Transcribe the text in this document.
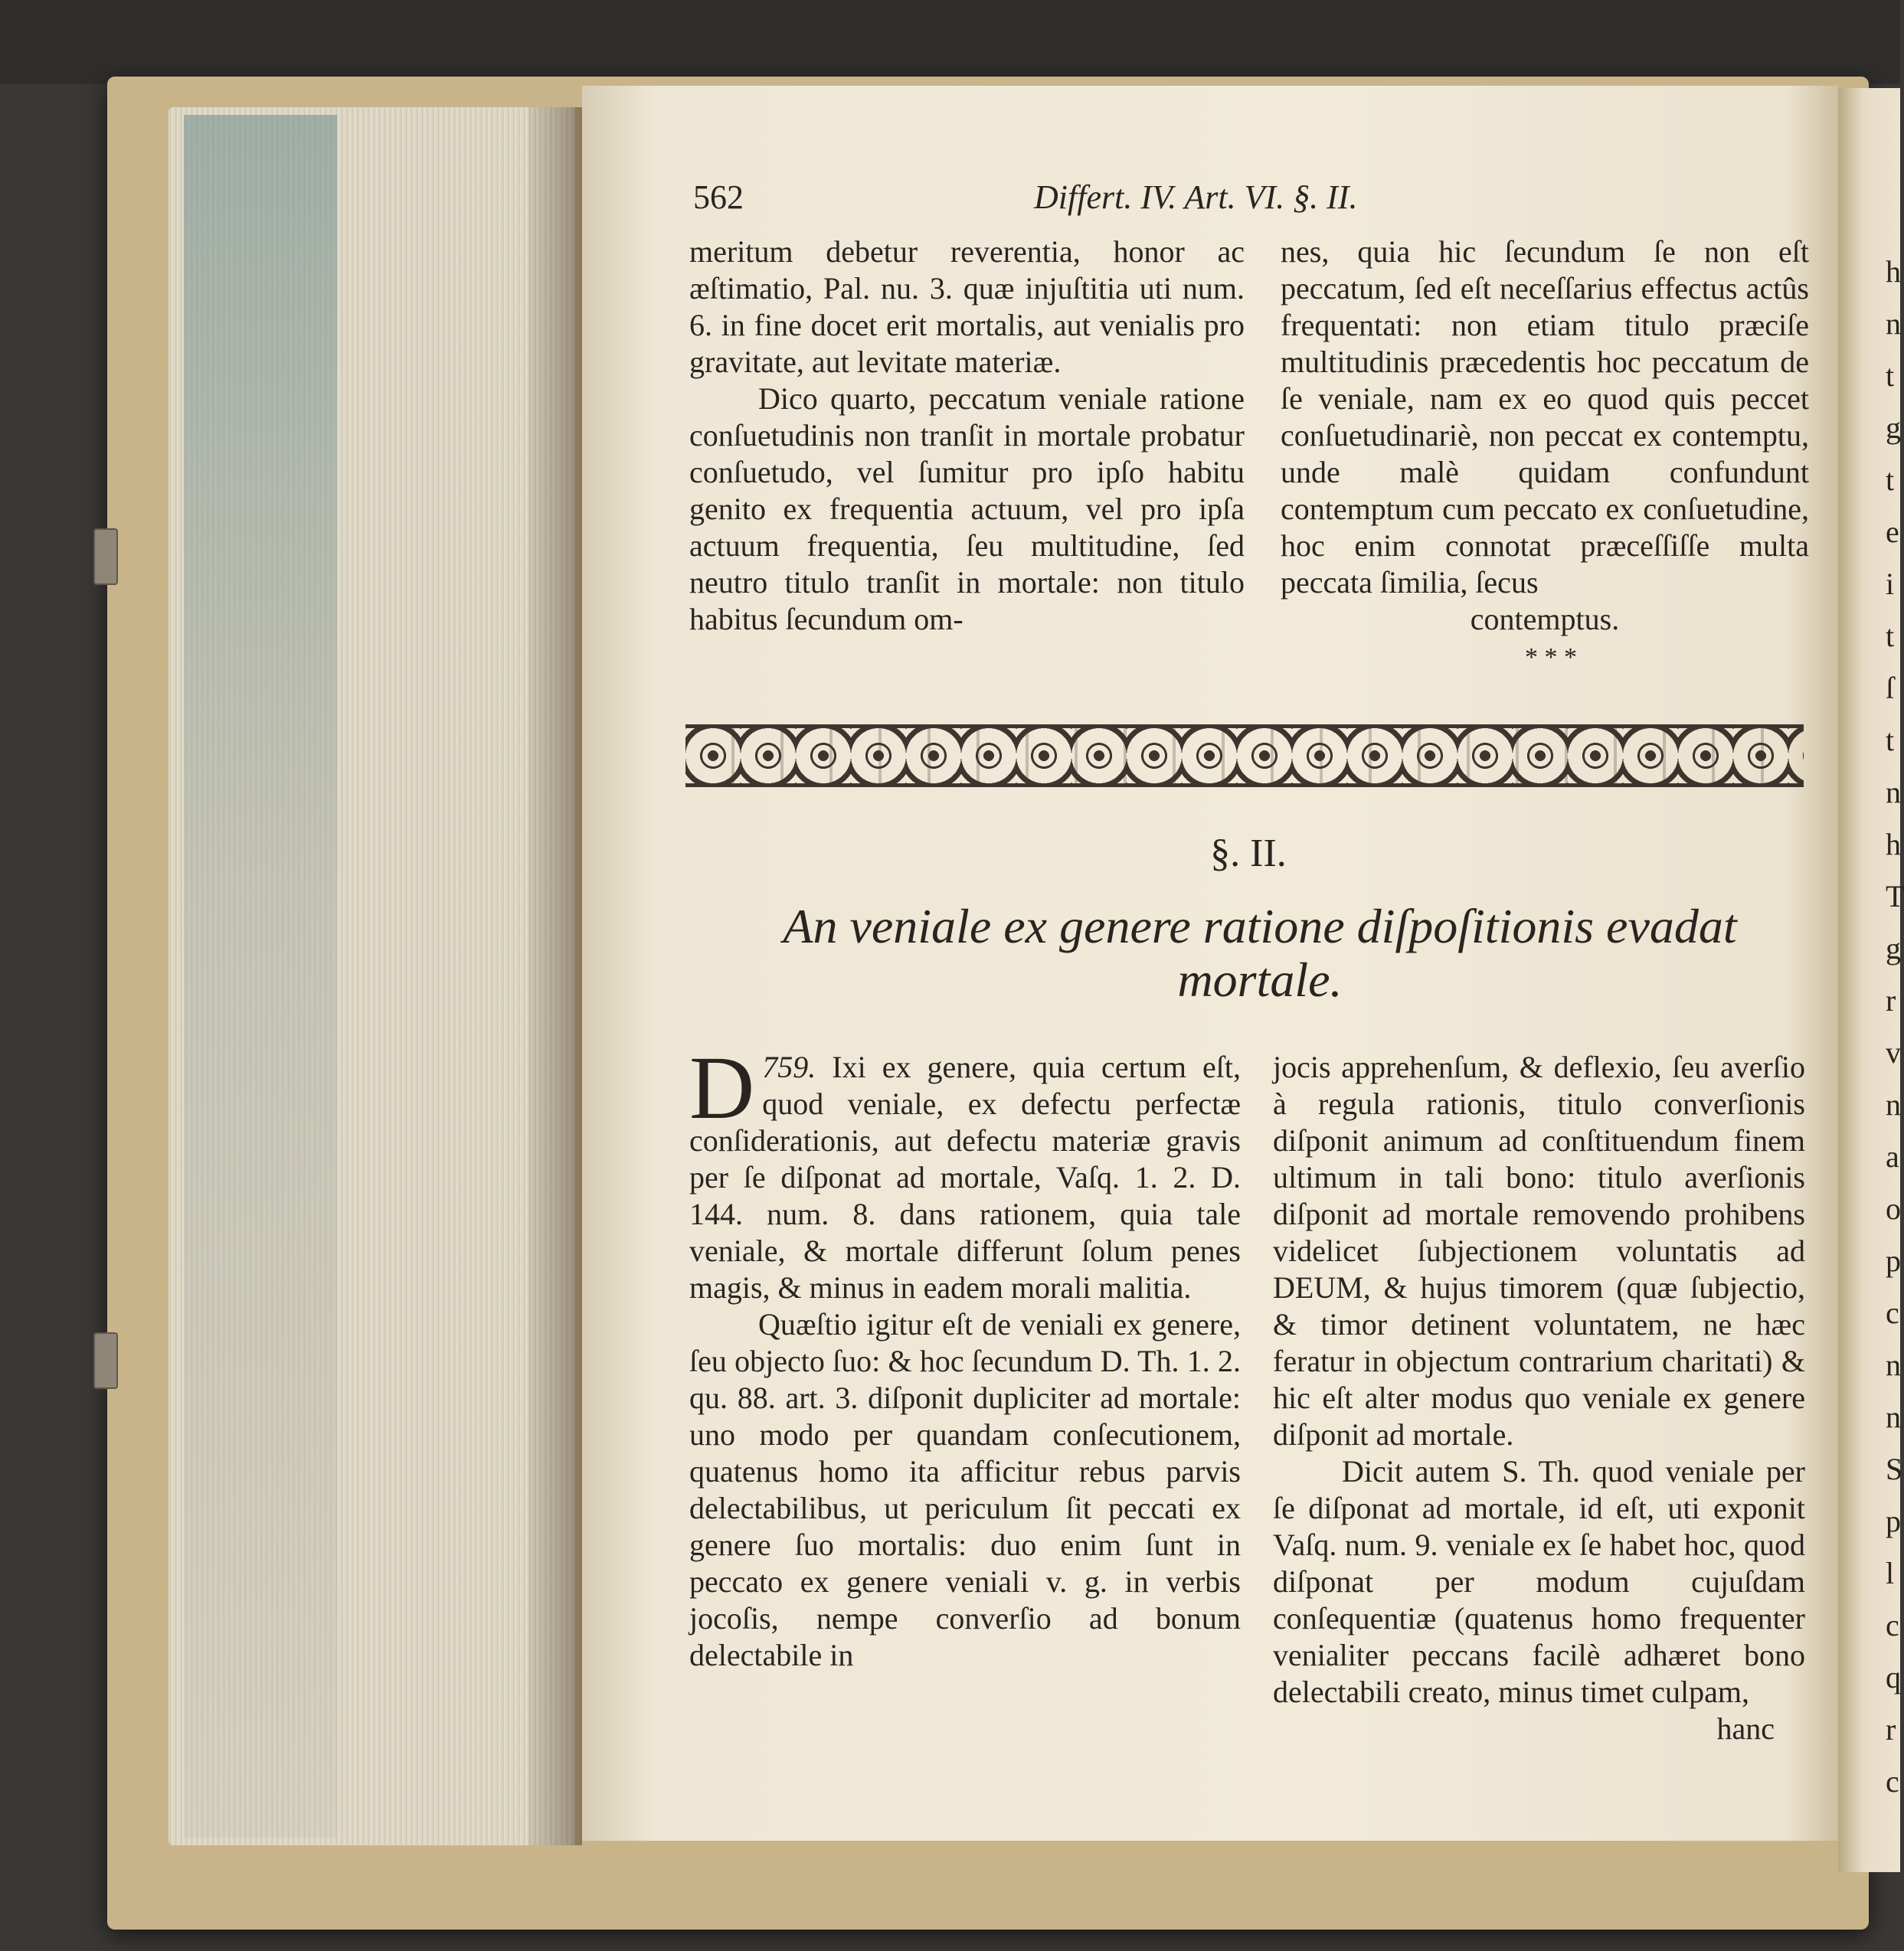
h
n
t
g
t
e
i
t
ſ
t
n
h
T
g
r
v
n
a
o
p
c
n
n
S
p
l
c
q
r
c
562	Differt. IV. Art. VI. §. II.

meritum debetur reverentia, honor ac æſtimatio, Pal. nu. 3. quæ injuſtitia uti num. 6. in fine docet erit mortalis, aut venialis pro gravitate, aut levitate materiæ.

Dico quarto, peccatum veniale ratione conſuetudinis non tranſit in mortale probatur conſuetudo, vel ſumitur pro ipſo habitu genito ex frequentia actuum, vel pro ipſa actuum frequentia, ſeu multitudine, ſed neutro titulo tranſit in mortale: non titulo habitus ſecundum om-

nes, quia hic ſecundum ſe non eſt peccatum, ſed eſt neceſſarius effectus actûs frequentati: non etiam titulo præciſe multitudinis præcedentis hoc peccatum de ſe veniale, nam ex eo quod quis peccet conſuetudinariè, non peccat ex contemptu, unde malè quidam confundunt contemptum cum peccato ex conſuetudine, hoc enim connotat præceſſiſſe multa peccata ſimilia, ſecus

contemptus.

* * *
§. II.
An veniale ex genere ratione diſpoſitionis evadat mortale.

759.
D	Ixi ex genere, quia certum eſt, quod veniale, ex defectu perfectæ conſiderationis, aut defectu materiæ gravis per ſe diſponat ad mortale, Vaſq. 1. 2. D. 144. num. 8. dans rationem, quia tale veniale, & mortale differunt ſolum penes magis, & minus in eadem morali malitia.

Quæſtio igitur eſt de veniali ex genere, ſeu objecto ſuo: & hoc ſecundum D. Th. 1. 2. qu. 88. art. 3. diſponit dupliciter ad mortale: uno modo per quandam conſecutionem, quatenus homo ita afficitur rebus parvis delectabilibus, ut periculum ſit peccati ex genere ſuo mortalis: duo enim ſunt in peccato ex genere veniali v. g. in verbis jocoſis, nempe converſio ad bonum delectabile in

jocis apprehenſum, & deflexio, ſeu averſio à regula rationis, titulo converſionis diſponit animum ad conſtituendum finem ultimum in tali bono: titulo averſionis diſponit ad mortale removendo prohibens videlicet ſubjectionem voluntatis ad DEUM, & hujus timorem (quæ ſubjectio, & timor detinent voluntatem, ne hæc feratur in objectum contrarium charitati) & hic eſt alter modus quo veniale ex genere diſponit ad mortale.

Dicit autem S. Th. quod veniale per ſe diſponat ad mortale, id eſt, uti exponit Vaſq. num. 9. veniale ex ſe habet hoc, quod diſponat per modum cujuſdam conſequentiæ (quatenus homo frequenter venialiter peccans facilè adhæret bono delectabili creato, minus timet culpam,

hanc
